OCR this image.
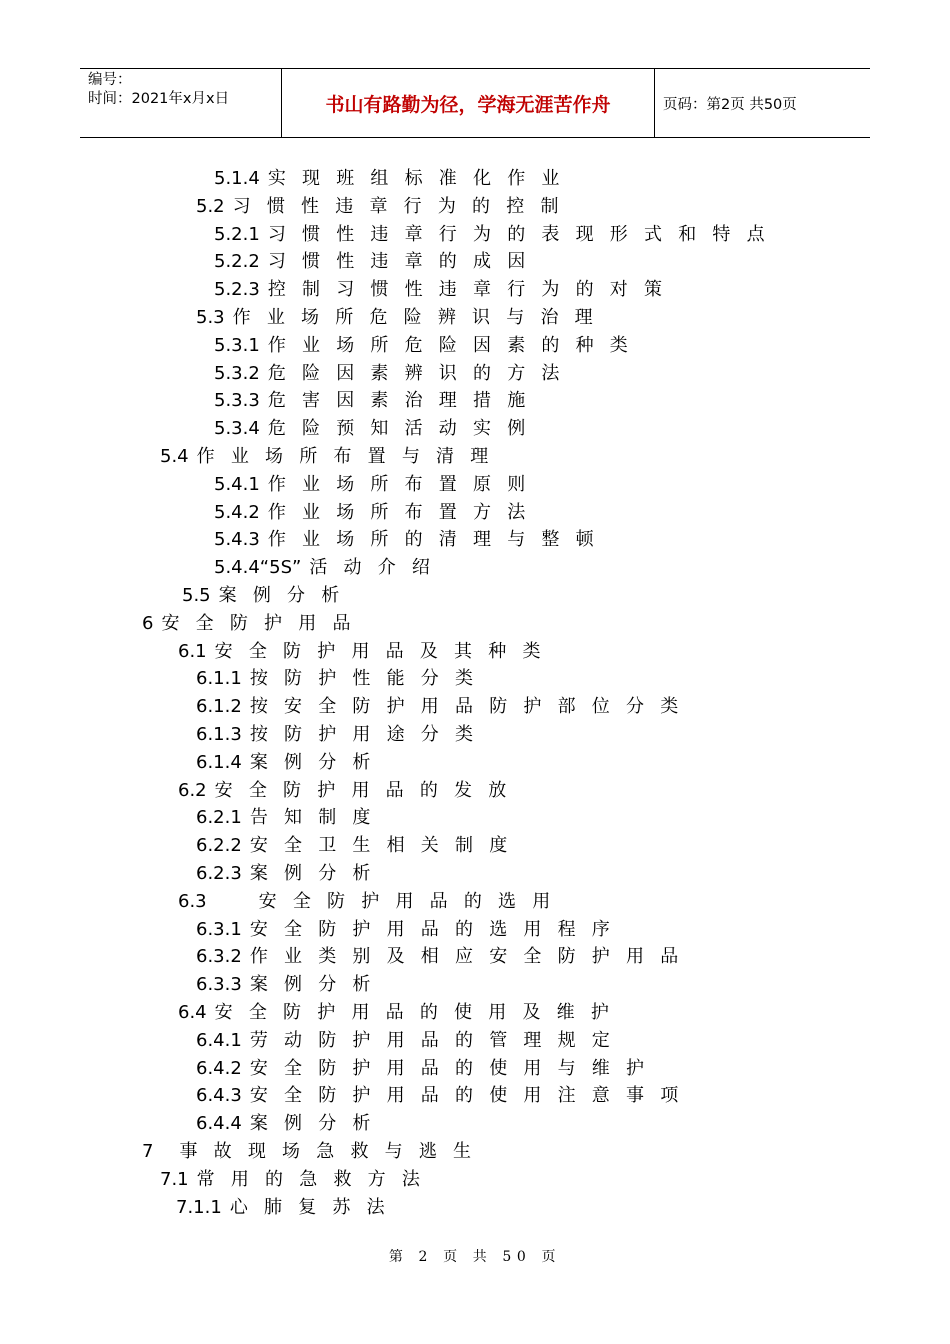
编号：
时间：2021年x月x日	书山有路勤为径，学海无涯苦作舟	页码：第2页 共50页
5.1.4 实现班组标准化作业
5.2 习惯性违章行为的控制
5.2.1 习惯性违章行为的表现形式和特点
5.2.2 习惯性违章的成因
5.2.3 控制习惯性违章行为的对策
5.3 作业场所危险辨识与治理
5.3.1 作业场所危险因素的种类
5.3.2 危险因素辨识的方法
5.3.3 危害因素治理措施
5.3.4 危险预知活动实例
5.4 作业场所布置与清理
5.4.1 作业场所布置原则
5.4.2 作业场所布置方法
5.4.3 作业场所的清理与整顿
5.4.4“5S” 活动介绍
5.5 案例分析
6 安全防护用品
6.1 安全防护用品及其种类
6.1.1 按防护性能分类
6.1.2 按安全防护用品防护部位分类
6.1.3 按防护用途分类
6.1.4 案例分析
6.2 安全防护用品的发放
6.2.1 告知制度
6.2.2 安全卫生相关制度
6.2.3 案例分析
6.3	安全防护用品的选用
6.3.1 安全防护用品的选用程序
6.3.2 作业类别及相应安全防护用品
6.3.3 案例分析
6.4 安全防护用品的使用及维护
6.4.1 劳动防护用品的管理规定
6.4.2 安全防护用品的使用与维护
6.4.3 安全防护用品的使用注意事项
6.4.4 案例分析
7 事故现场急救与逃生
7.1 常用的急救方法
7.1.1 心肺复苏法
第 2 页 共 50 页
